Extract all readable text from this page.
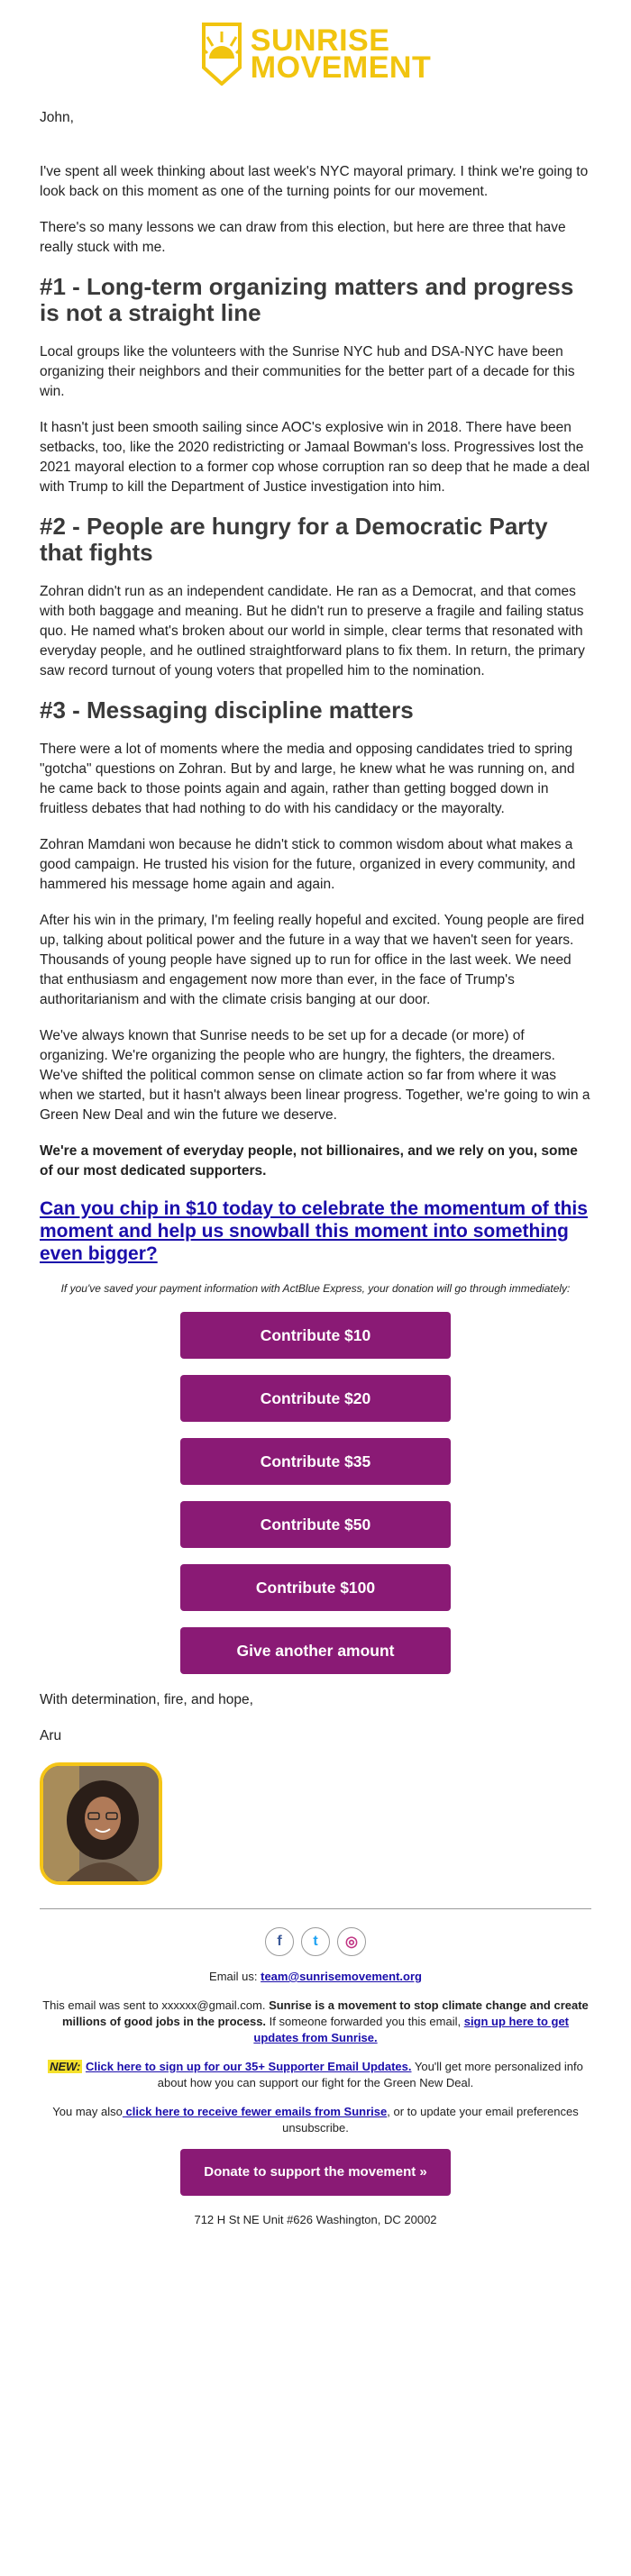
SUNRISE
MOVEMENT

John,

I've spent all week thinking about last week's NYC mayoral primary. I think we're going to look back on this moment as one of the turning points for our movement.

There's so many lessons we can draw from this election, but here are three that have really stuck with me.

#1 - Long-term organizing matters and progress is not a straight line

Local groups like the volunteers with the Sunrise NYC hub and DSA-NYC have been organizing their neighbors and their communities for the better part of a decade for this win.

It hasn't just been smooth sailing since AOC's explosive win in 2018. There have been setbacks, too, like the 2020 redistricting or Jamaal Bowman's loss. Progressives lost the 2021 mayoral election to a former cop whose corruption ran so deep that he made a deal with Trump to kill the Department of Justice investigation into him.

#2 - People are hungry for a Democratic Party that fights

Zohran didn't run as an independent candidate. He ran as a Democrat, and that comes with both baggage and meaning. But he didn't run to preserve a fragile and failing status quo. He named what's broken about our world in simple, clear terms that resonated with everyday people, and he outlined straightforward plans to fix them. In return, the primary saw record turnout of young voters that propelled him to the nomination.

#3 - Messaging discipline matters

There were a lot of moments where the media and opposing candidates tried to spring "gotcha" questions on Zohran. But by and large, he knew what he was running on, and he came back to those points again and again, rather than getting bogged down in fruitless debates that had nothing to do with his candidacy or the mayoralty.

Zohran Mamdani won because he didn't stick to common wisdom about what makes a good campaign. He trusted his vision for the future, organized in every community, and hammered his message home again and again.

After his win in the primary, I'm feeling really hopeful and excited. Young people are fired up, talking about political power and the future in a way that we haven't seen for years. Thousands of young people have signed up to run for office in the last week. We need that enthusiasm and engagement now more than ever, in the face of Trump's authoritarianism and with the climate crisis banging at our door.

We've always known that Sunrise needs to be set up for a decade (or more) of organizing. We're organizing the people who are hungry, the fighters, the dreamers. We've shifted the political common sense on climate action so far from where it was when we started, but it hasn't always been linear progress. Together, we're going to win a Green New Deal and win the future we deserve.

We're a movement of everyday people, not billionaires, and we rely on you, some of our most dedicated supporters.

Can you chip in $10 today to celebrate the momentum of this moment and help us snowball this moment into something even bigger?
If you've saved your payment information with ActBlue Express, your donation will go through immediately:
Contribute $10
Contribute $20
Contribute $35
Contribute $50
Contribute $100
Give another amount

With determination, fire, and hope,

Aru

f t ◎
Email us: team@sunrisemovement.org
This email was sent to xxxxxx@gmail.com. Sunrise is a movement to stop climate change and create millions of good jobs in the process. If someone forwarded you this email, sign up here to get updates from Sunrise.
NEW: Click here to sign up for our 35+ Supporter Email Updates. You'll get more personalized info about how you can support our fight for the Green New Deal.
You may also click here to receive fewer emails from Sunrise, or to update your email preferences unsubscribe.
Donate to support the movement »
712 H St NE Unit #626 Washington, DC 20002
